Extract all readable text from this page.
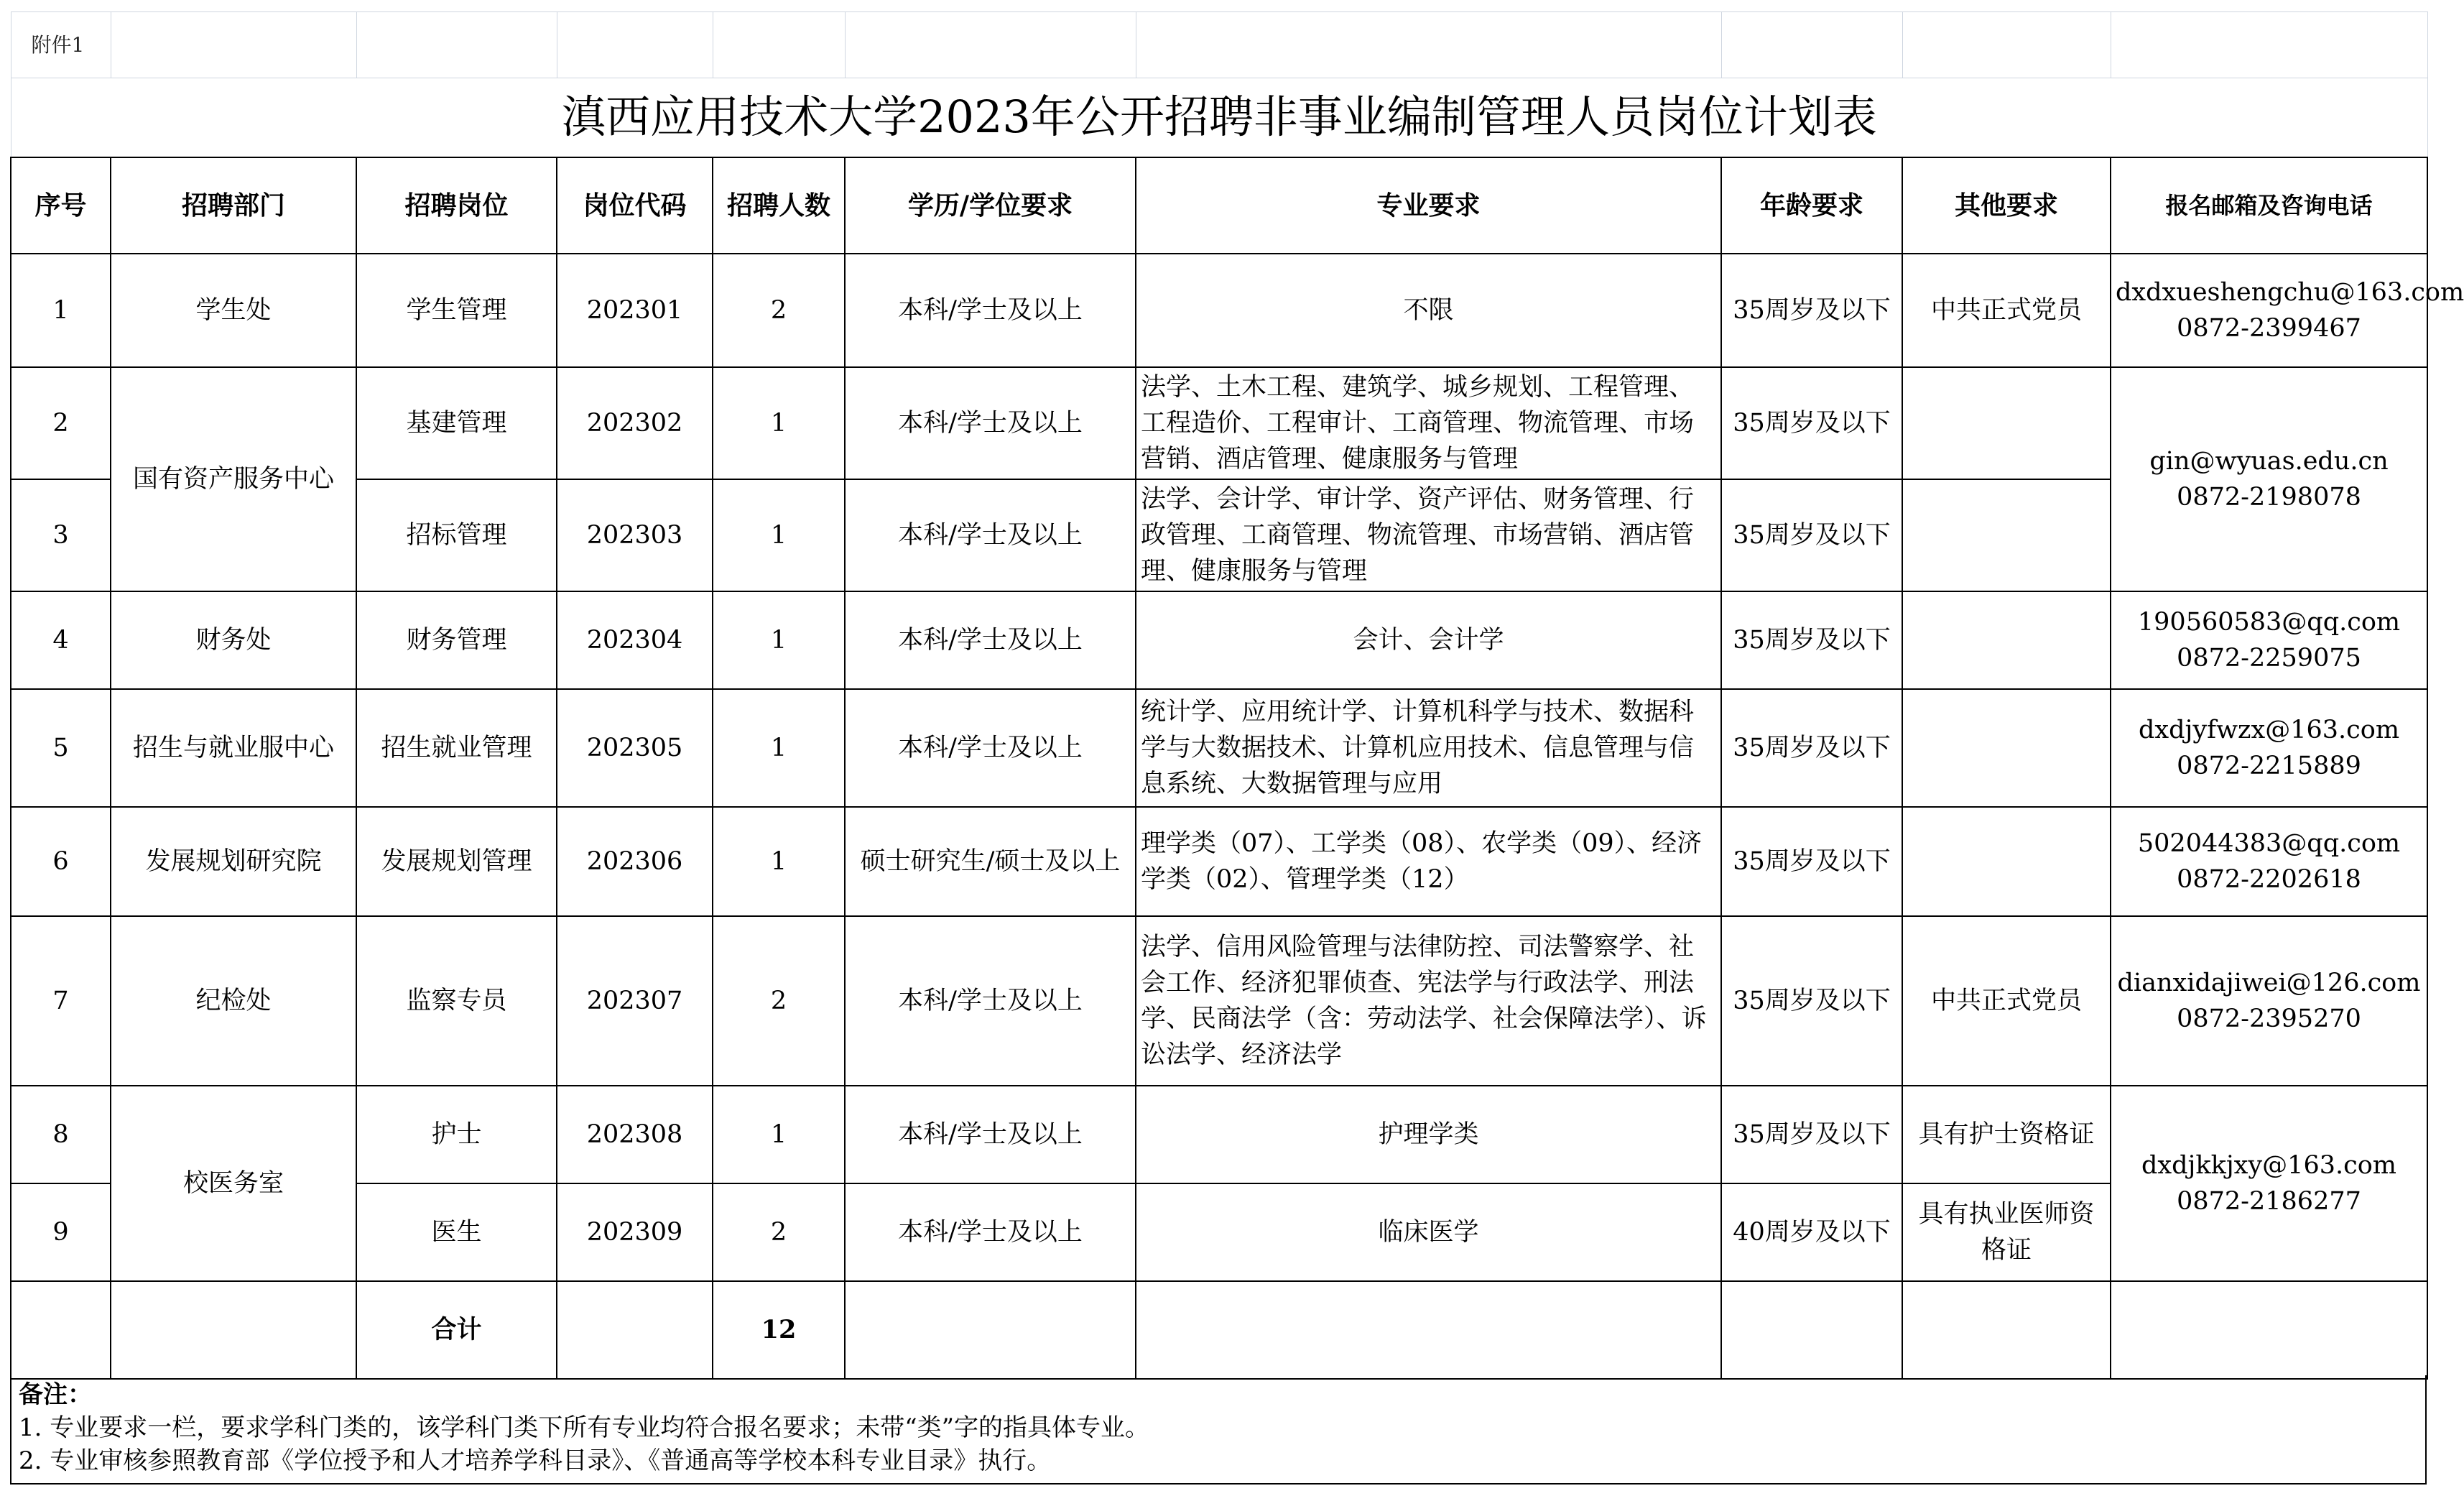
附件1									
滇西应用技术大学2023年公开招聘非事业编制管理人员岗位计划表									
序号	招聘部门	招聘岗位	岗位代码	招聘人数	学历/学位要求	专业要求	年龄要求	其他要求	报名邮箱及咨询电话
1	学生处	学生管理	202301	2	本科/学士及以上	不限	35周岁及以下	中共正式党员	dxdxueshengchu@163.com
0872-2399467

2	国有资产服务中心	基建管理	202302	1	本科/学士及以上	法学、土木工程、建筑学、城乡规划、工程管理、工程造价、工程审计、工商管理、物流管理、市场营销、酒店管理、健康服务与管理	35周岁及以下		gin@wyuas.edu.cn
0872-2198078

3		招标管理	202303	1	本科/学士及以上	法学、会计学、审计学、资产评估、财务管理、行政管理、工商管理、物流管理、市场营销、酒店管理、健康服务与管理	35周岁及以下		
4	财务处	财务管理	202304	1	本科/学士及以上	会计、会计学	35周岁及以下		190560583@qq.com
0872-2259075

5	招生与就业服中心	招生就业管理	202305	1	本科/学士及以上	统计学、应用统计学、计算机科学与技术、数据科学与大数据技术、计算机应用技术、信息管理与信息系统、大数据管理与应用	35周岁及以下		dxdjyfwzx@163.com
0872-2215889

6	发展规划研究院	发展规划管理	202306	1	硕士研究生/硕士及以上	理学类（07）、工学类（08）、农学类（09）、经济学类（02）、管理学类（12）	35周岁及以下		502044383@qq.com
0872-2202618

7	纪检处	监察专员	202307	2	本科/学士及以上	法学、信用风险管理与法律防控、司法警察学、社会工作、经济犯罪侦查、宪法学与行政法学、刑法学、民商法学（含：劳动法学、社会保障法学）、诉讼法学、经济法学	35周岁及以下	中共正式党员	dianxidajiwei@126.com
0872-2395270

8	校医务室	护士	202308	1	本科/学士及以上	护理学类	35周岁及以下	具有护士资格证	dxdjkkjxy@163.com
0872-2186277

9		医生	202309	2	本科/学士及以上	临床医学	40周岁及以下	具有执业医师资格证	
		合计		12					
备注：
1. 专业要求一栏，要求学科门类的，该学科门类下所有专业均符合报名要求；未带“类”字的指具体专业。
2. 专业审核参照教育部《学位授予和人才培养学科目录》、《普通高等学校本科专业目录》执行。
